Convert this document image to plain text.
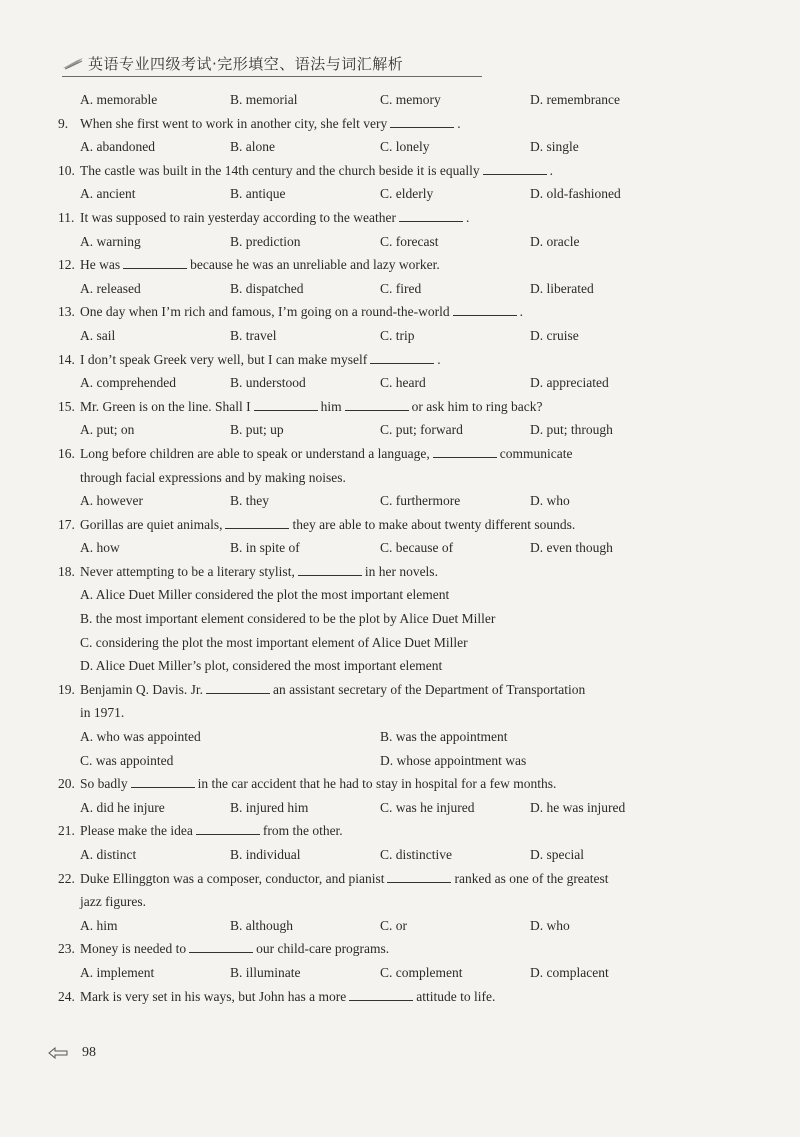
英语专业四级考试·完形填空、语法与词汇解析
A. memorable	B. memorial	C. memory	D. remembrance
9. When she first went to work in another city, she felt very	.
A. abandoned	B. alone	C. lonely	D. single
10. The castle was built in the 14th century and the church beside it is equally	.
A. ancient	B. antique	C. elderly	D. old-fashioned
11. It was supposed to rain yesterday according to the weather	.
A. warning	B. prediction	C. forecast	D. oracle
12. He was	because he was an unreliable and lazy worker.
A. released	B. dispatched	C. fired	D. liberated
13. One day when I’m rich and famous, I’m going on a round-the-world	.
A. sail	B. travel	C. trip	D. cruise
14. I don’t speak Greek very well, but I can make myself	.
A. comprehended	B. understood	C. heard	D. appreciated
15. Mr. Green is on the line. Shall I	him	or ask him to ring back?
A. put; on	B. put; up	C. put; forward	D. put; through
16. Long before children are able to speak or understand a language,	communicate
through facial expressions and by making noises.
A. however	B. they	C. furthermore	D. who
17. Gorillas are quiet animals,	they are able to make about twenty different sounds.
A. how	B. in spite of	C. because of	D. even though
18. Never attempting to be a literary stylist,	in her novels.
A. Alice Duet Miller considered the plot the most important element
B. the most important element considered to be the plot by Alice Duet Miller
C. considering the plot the most important element of Alice Duet Miller
D. Alice Duet Miller’s plot, considered the most important element
19. Benjamin Q. Davis. Jr.	an assistant secretary of the Department of Transportation
in 1971.
A. who was appointed	B. was the appointment
C. was appointed	D. whose appointment was
20. So badly	in the car accident that he had to stay in hospital for a few months.
A. did he injure	B. injured him	C. was he injured	D. he was injured
21. Please make the idea	from the other.
A. distinct	B. individual	C. distinctive	D. special
22. Duke Ellinggton was a composer, conductor, and pianist	ranked as one of the greatest
jazz figures.
A. him	B. although	C. or	D. who
23. Money is needed to	our child-care programs.
A. implement	B. illuminate	C. complement	D. complacent
24. Mark is very set in his ways, but John has a more	attitude to life.
98
